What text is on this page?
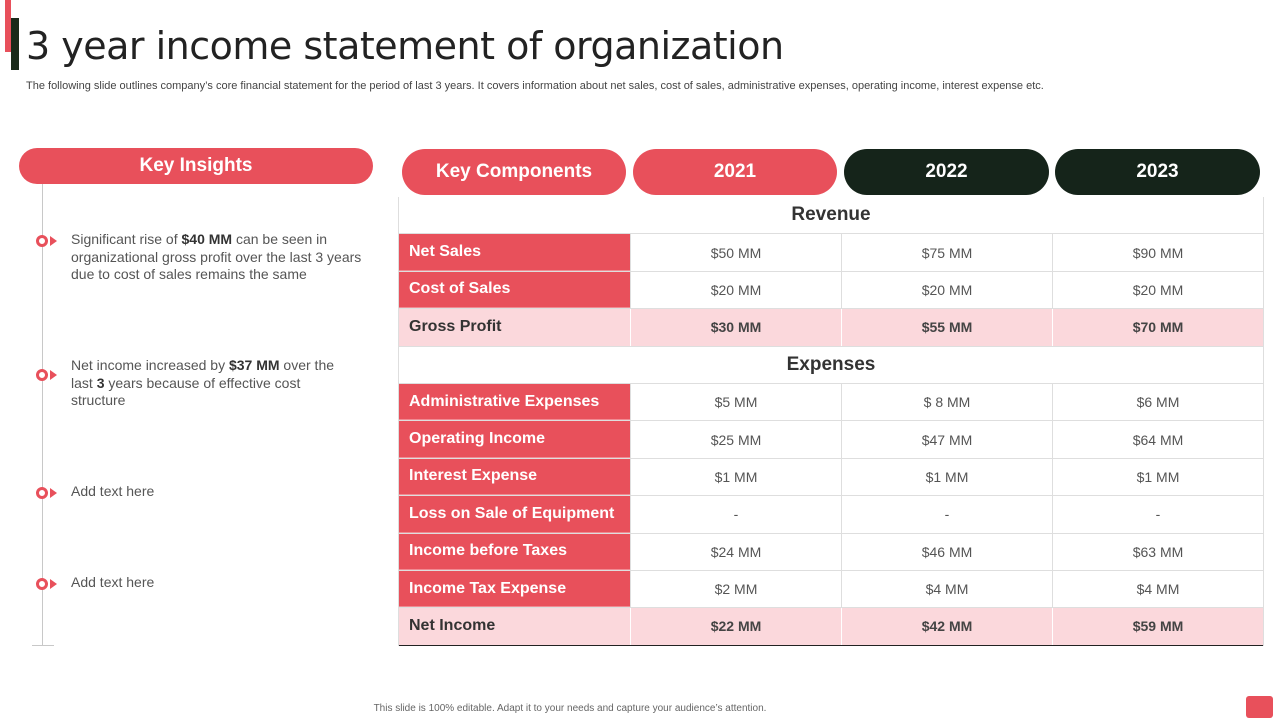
3 year income statement of organization

The following slide outlines company’s core financial statement for the period of last 3 years. It covers information about net sales, cost of sales, administrative expenses, operating income, interest expense etc.

Key Insights
Significant rise of $40 MM can be seen in organizational gross profit over the last 3 years due to cost of sales remains the same
Net income increased by $37 MM over the last 3 years because of effective cost structure
Add text here
Add text here
Key Components	2021	2022	2023
Revenue
Net Sales	$50 MM	$75 MM	$90 MM
Cost of Sales	$20 MM	$20 MM	$20 MM
Gross Profit	$30 MM	$55 MM	$70 MM
Expenses
Administrative Expenses	$5 MM	$ 8 MM	$6 MM
Operating Income	$25 MM	$47 MM	$64 MM
Interest Expense	$1 MM	$1 MM	$1 MM
Loss on Sale of Equipment	-	-	-
Income before Taxes	$24 MM	$46 MM	$63 MM
Income Tax Expense	$2 MM	$4 MM	$4 MM
Net Income	$22 MM	$42 MM	$59 MM
This slide is 100% editable. Adapt it to your needs and capture your audience’s attention.
